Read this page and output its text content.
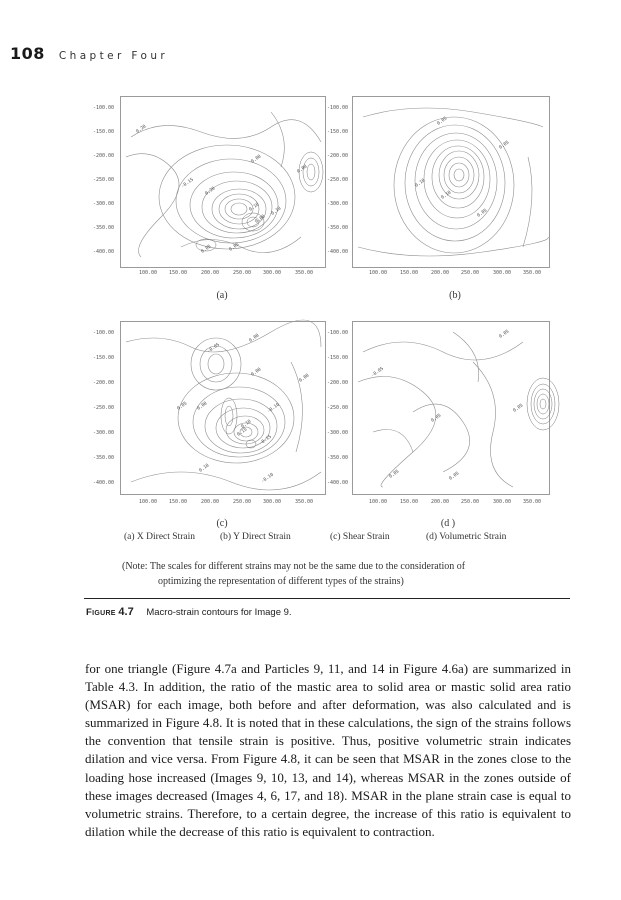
108 Chapter Four
-100.00
-150.00
-200.00
-250.00
-300.00
-350.00
-400.00
0.20
0.00
0.00
-0.15
0.20
0.10 0.10
0.00
0.05	0.05
100.00 150.00	200.00	250.00 300.00	350.00
(a)
-100.00
-150.00
-200.00
-250.00
-300.00
-350.00
-400.00
0.05
0.05
0.10
0.10
0.05
100.00	150.00	200.00 250.00	300.00 350.00
(b)
-100.00
-150.00
-200.00
-250.00
-300.00
-350.00
-400.00
0.00
-0.05
0.00
0.00
0.05 0.00	-0.10
0.10
0.15
-0.15
0.10
-0.10
100.00 150.00	200.00	250.00 300.00	350.00
(c)
-100.00
-150.00
-200.00
-250.00
-300.00
-350.00
-400.00
0.05
-0.05
0.05
0.05
0.05	0.05
100.00	150.00	200.00 250.00	300.00 350.00
(d )
(a) X Direct Strain	(b) Y Direct Strain	(c) Shear Strain	(d) Volumetric Strain
(Note: The scales for different strains may not be the same due to the consideration of
optimizing the representation of different types of the strains)
Figure 4.7 Macro-strain contours for Image 9.

for one triangle (Figure 4.7a and Particles 9, 11, and 14 in Figure 4.6a) are summarized in Table 4.3. In addition, the ratio of the mastic area to solid area or mastic solid area ratio (MSAR) for each image, both before and after deformation, was also calculated and is summarized in Figure 4.8. It is noted that in these calculations, the sign of the strains follows the convention that tensile strain is positive. Thus, positive volumetric strain indicates dilation and vice versa. From Figure 4.8, it can be seen that MSAR in the zones close to the loading hose increased (Images 9, 10, 13, and 14), whereas MSAR in the zones outside of these images decreased (Images 4, 6, 17, and 18). MSAR in the plane strain case is equal to volumetric strains. Therefore, to a certain degree, the increase of this ratio is equivalent to dilation while the decrease of this ratio is equivalent to contraction.
